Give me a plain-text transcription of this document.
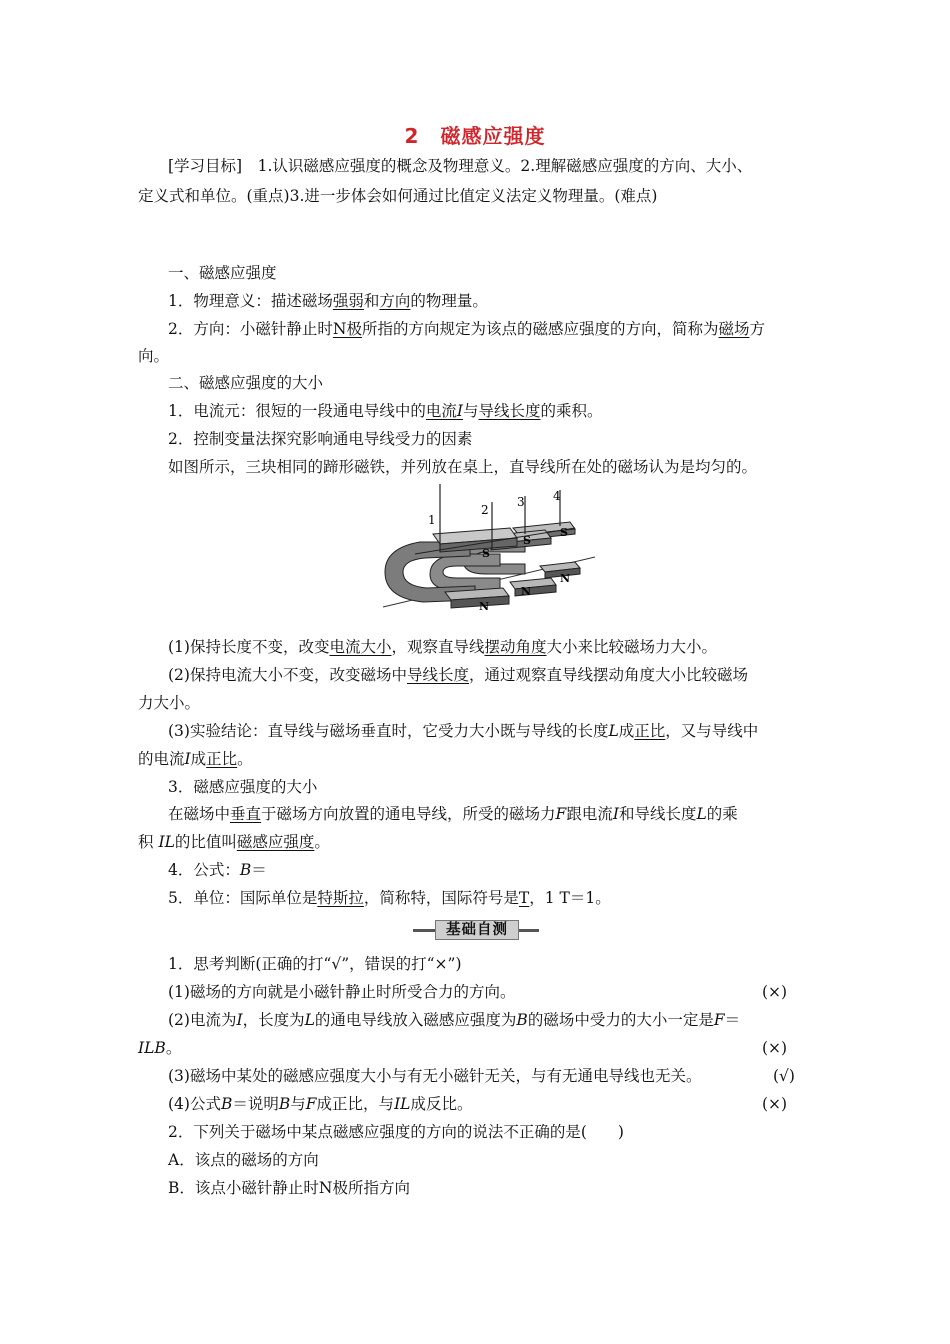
2　磁感应强度
[学习目标]　 1.认识磁感应强度的概念及物理意义。2.理解磁感应强度的方向、大小、
定义式和单位。(重点)3.进一步体会如何通过比值定义法定义物理量。(难点)
一、磁感应强度
1．物理意义：描述磁场强弱和方向的物理量。
2．方向：小磁针静止时N极所指的方向规定为该点的磁感应强度的方向，简称为磁场方
向。
二、磁感应强度的大小
1．电流元：很短的一段通电导线中的电流I与导线长度的乘积。
2．控制变量法探究影响通电导线受力的因素
如图所示，三块相同的蹄形磁铁，并列放在桌上，直导线所在处的磁场认为是均匀的。
1
2
3 4
S
S
S
N
N
N
(1)保持长度不变，改变电流大小，观察直导线摆动角度大小来比较磁场力大小。
(2)保持电流大小不变，改变磁场中导线长度，通过观察直导线摆动角度大小比较磁场
力大小。
(3)实验结论：直导线与磁场垂直时，它受力大小既与导线的长度L成正比，又与导线中
的电流I成正比。
3．磁感应强度的大小
在磁场中垂直于磁场方向放置的通电导线，所受的磁场力F跟电流I和导线长度L的乘
积 IL的比值叫磁感应强度。
4．公式：B＝
5．单位：国际单位是特斯拉，简称特，国际符号是T，1 T＝1。
基础自测
1．思考判断(正确的打“√”，错误的打“×”)
(1)磁场的方向就是小磁针静止时所受合力的方向。	(×)
(2)电流为I，长度为L的通电导线放入磁感应强度为B的磁场中受力的大小一定是F＝
ILB。	(×)
(3)磁场中某处的磁感应强度大小与有无小磁针无关，与有无通电导线也无关。	(√)
(4)公式B＝说明B与F成正比，与IL成反比。	(×)
2．下列关于磁场中某点磁感应强度的方向的说法不正确的是(　　)
A．该点的磁场的方向
B．该点小磁针静止时N极所指方向
